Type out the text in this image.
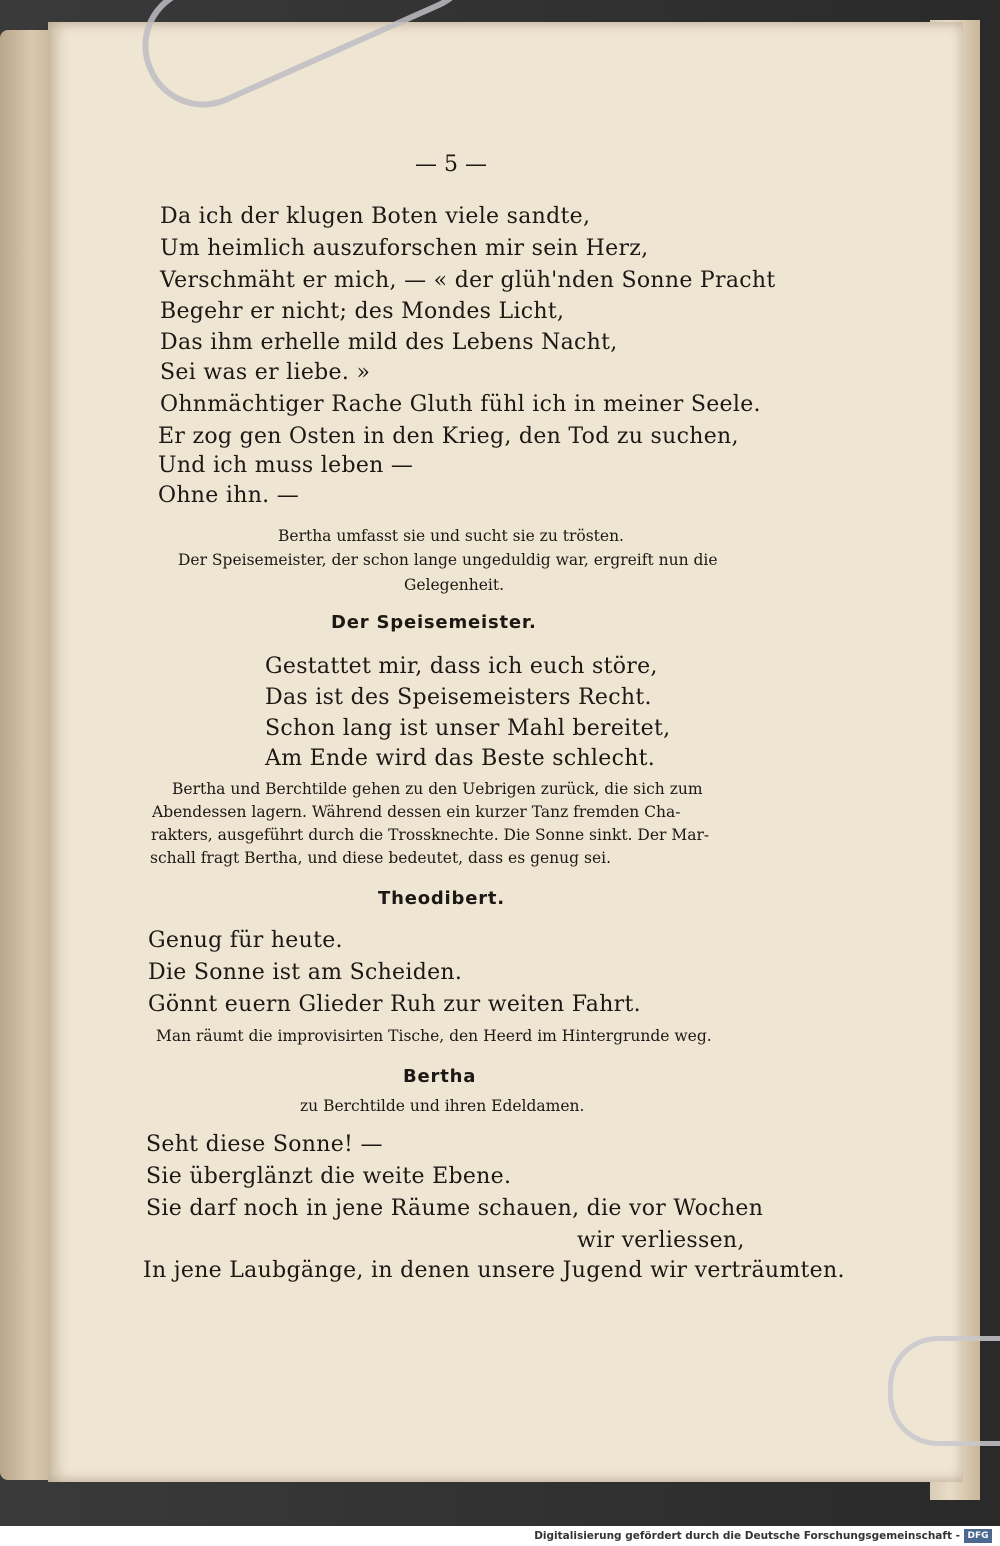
— 5 —
Da ich der klugen Boten viele sandte,
Um heimlich auszuforschen mir sein Herz,
Verschmäht er mich, — « der glüh'nden Sonne Pracht
Begehr er nicht; des Mondes Licht,
Das ihm erhelle mild des Lebens Nacht,
Sei was er liebe. »
Ohnmächtiger Rache Gluth fühl ich in meiner Seele.
Er zog gen Osten in den Krieg, den Tod zu suchen,
Und ich muss leben —
Ohne ihn. —
Bertha umfasst sie und sucht sie zu trösten.
Der Speisemeister, der schon lange ungeduldig war, ergreift nun die
Gelegenheit.
Der Speisemeister.
Gestattet mir, dass ich euch störe,
Das ist des Speisemeisters Recht.
Schon lang ist unser Mahl bereitet,
Am Ende wird das Beste schlecht.
Bertha und Berchtilde gehen zu den Uebrigen zurück, die sich zum
Abendessen lagern. Während dessen ein kurzer Tanz fremden Cha-
rakters, ausgeführt durch die Trossknechte. Die Sonne sinkt. Der Mar-
schall fragt Bertha, und diese bedeutet, dass es genug sei.
Theodibert.
Genug für heute.
Die Sonne ist am Scheiden.
Gönnt euern Glieder Ruh zur weiten Fahrt.
Man räumt die improvisirten Tische, den Heerd im Hintergrunde weg.
Bertha
zu Berchtilde und ihren Edeldamen.
Seht diese Sonne! —
Sie überglänzt die weite Ebene.
Sie darf noch in jene Räume schauen, die vor Wochen
wir verliessen,
In jene Laubgänge, in denen unsere Jugend wir verträumten.
Digitalisierung gefördert durch die Deutsche Forschungsgemeinschaft - DFG
